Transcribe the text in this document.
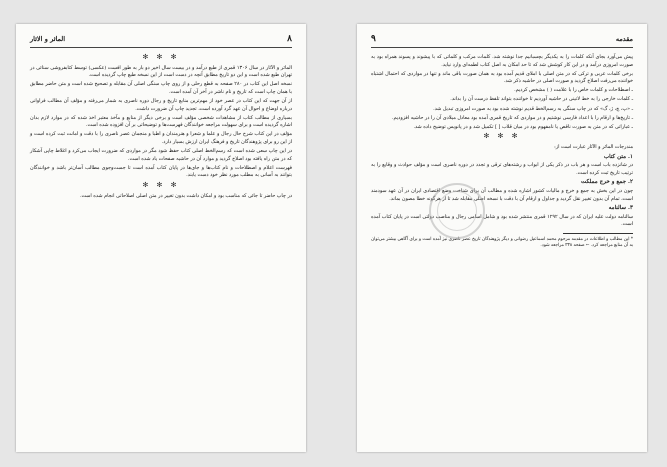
۸
الماثر و الاثار
✻ ✻ ✻

الماثر و الآثار در سال ۱۳۰۶ قمری از طبع درآمد و در بیست سال اخیر دو بار به طور افست (عکسی) توسط کتابفروشی سنائی در تهران طبع شده است و این دو تاریخ مطابق آنچه در دست است از این نسخه طبع چاپ گردیده است.

نسخه اصل این کتاب در ۲۸۰ صفحه به قطع رحلی و از روی چاپ سنگی اصلی آن مقابله و تصحیح شده است و متن حاضر مطابق با همان چاپ است که تاریخ و نام ناشر در آخر آن آمده است.

از آن جهت که این کتاب در عصر خود از مهم‌ترین منابع تاریخ و رجال دوره ناصری به شمار می‌رفته و مؤلف آن مطالب فراوانی درباره اوضاع و احوال آن عهد گرد آورده است، تجدید چاپ آن ضرورت داشت.

بسیاری از مطالب کتاب از مشاهدات شخصی مؤلف است و برخی دیگر از منابع و مآخذ معتبر اخذ شده که در موارد لازم بدان اشاره گردیده است و برای سهولت مراجعه خوانندگان فهرست‌ها و توضیحاتی بر آن افزوده شده است.

مؤلف در این کتاب شرح حال رجال و علما و شعرا و هنرمندان و اطبا و منجمان عصر ناصری را با دقت و امانت ثبت کرده است و از این رو برای پژوهندگان تاریخ و فرهنگ ایران ارزش بسیار دارد.

در این چاپ سعی شده است که رسم‌الخط اصلی کتاب حفظ شود مگر در مواردی که ضرورت ایجاب می‌کرد و اغلاط چاپی آشکار که در متن راه یافته بود اصلاح گردید و موارد آن در حاشیه صفحات یاد شده است.

فهرست اعلام و اصطلاحات و نام کتاب‌ها و جای‌ها در پایان کتاب آمده است تا جست‌وجوی مطالب آسان‌تر باشد و خوانندگان بتوانند به آسانی به مطلب مورد نظر خود دست یابند.

✻ ✻ ✻

در چاپ حاضر تا جائی که مناسب بود و امکان داشت بدون تغییر در متن اصلی اصلاحاتی انجام شده است.

مقدمه
۹

پیش می‌آورد بجای آنکه کلمات را به یکدیگر بچسبانیم جدا نوشته شد. کلمات مرکب و کلماتی که با پیشوند و پسوند همراه بود به صورت امروزی درآمد و در این کار کوشش شد که تا حد امکان به اصل کتاب لطمه‌ای وارد نیاید.

برخی کلمات عربی و ترکی که در متن اصلی با املای قدیم آمده بود به همان صورت باقی ماند و تنها در مواردی که احتمال اشتباه خواننده می‌رفت اصلاح گردید و صورت اصلی در حاشیه ذکر شد.

ـ اصطلاحات و کلمات خاص را با علامت ( ) مشخص کردیم.

ـ کلمات خارجی را به خط لاتینی در حاشیه آوردیم تا خواننده بتواند تلفظ درست آن را بداند.

ـ «پ، چ، ژ، گ» که در چاپ سنگی به رسم‌الخط قدیم نوشته شده بود به صورت امروزی تبدیل شد.

ـ تاریخ‌ها و ارقام را با اعداد فارسی نوشتیم و در مواردی که تاریخ قمری آمده بود معادل میلادی آن را در حاشیه افزودیم.

ـ عباراتی که در متن به صورت ناقص یا نامفهوم بود در میان قلاب [ ] تکمیل شد و در پانویس توضیح داده شد.

✻ ✻ ✻

مندرجات الماثر و الآثار عبارت است از:

۱. متن کتاب

در شانزده باب است و هر باب در ذکر یکی از ابواب و رشته‌های ترقی و تجدد در دوره ناصری است و مؤلف حوادث و وقایع را به ترتیب تاریخ ثبت کرده است.

۲. جمع و خرج مملکت

چون در این بخش به جمع و خرج و مالیات کشور اشاره شده و مطالب آن برای شناخت وضع اقتصادی ایران در آن عهد سودمند است، تمام آن بدون تغییر نقل گردید و جداول و ارقام آن با دقت با نسخه اصلی مقابله شد تا از هرگونه خطا مصون بماند.

۳. سالنامه

سالنامه دولت علیه ایران که در سال ۱۲۹۲ قمری منتشر شده بود و شامل اسامی رجال و مناصب دولتی است در پایان کتاب آمده است.

* این مطالب و اطلاعات در مقدمه مرحوم محمد اسماعیل رضوانی و دیگر پژوهندگان تاریخ عصر ناصری نیز آمده است و برای آگاهی بیشتر می‌توان به آن منابع مراجعه کرد. ← صفحه ۳۳۸ مراجعه شود.
